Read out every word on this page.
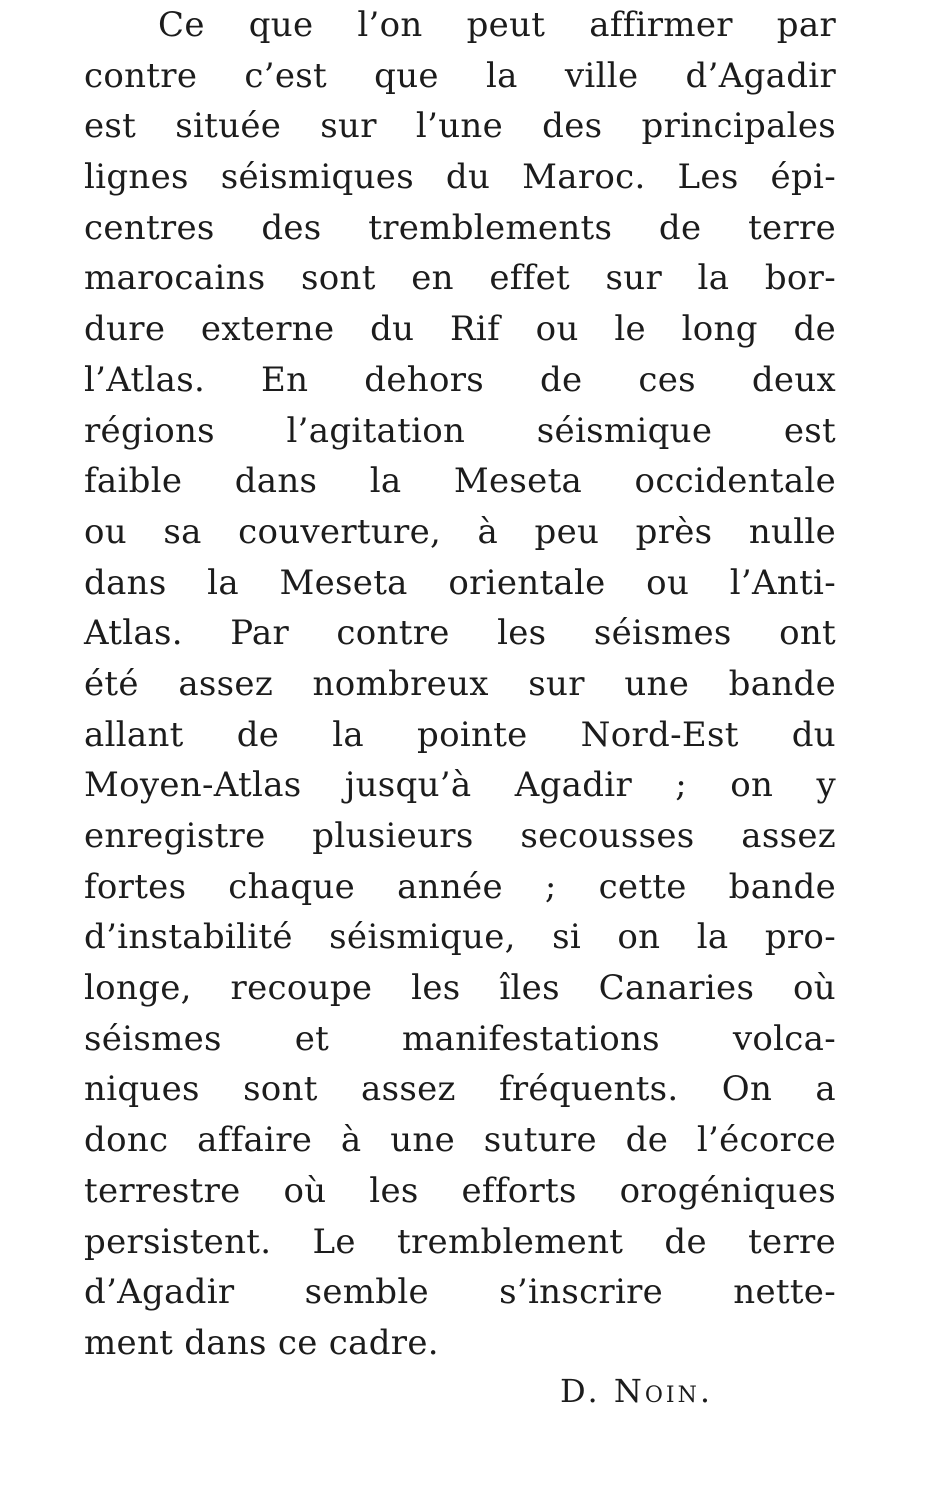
Ce que l’on peut affirmer par
contre c’est que la ville d’Agadir
est située sur l’une des principales
lignes séismiques du Maroc. Les épi-
centres des tremblements de terre
marocains sont en effet sur la bor-
dure externe du Rif ou le long de
l’Atlas. En dehors de ces deux
régions l’agitation séismique est
faible dans la Meseta occidentale
ou sa couverture, à peu près nulle
dans la Meseta orientale ou l’Anti-
Atlas. Par contre les séismes ont
été assez nombreux sur une bande
allant de la pointe Nord-Est du
Moyen-Atlas jusqu’à Agadir ; on y
enregistre plusieurs secousses assez
fortes chaque année ; cette bande
d’instabilité séismique, si on la pro-
longe, recoupe les îles Canaries où
séismes et manifestations volca-
niques sont assez fréquents. On a
donc affaire à une suture de l’écorce
terrestre où les efforts orogéniques
persistent. Le tremblement de terre
d’Agadir semble s’inscrire nette-
ment dans ce cadre.
D. Noin.
